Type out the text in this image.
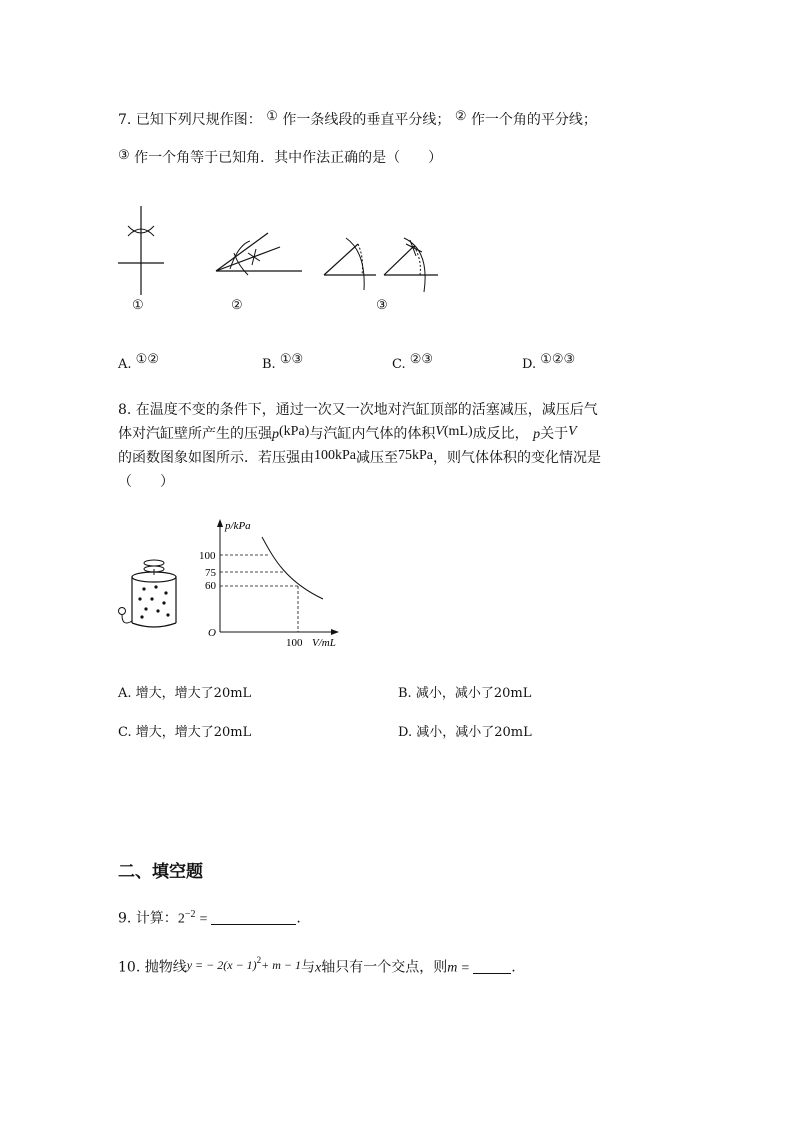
7. 已知下列尺规作图： ① 作一条线段的垂直平分线； ② 作一个角的平分线；
③ 作一个角等于已知角．其中作法正确的是（　　）
①	②	③
A. ①②	B. ①③	C. ②③	D. ①②③
8. 在温度不变的条件下，通过一次又一次地对汽缸顶部的活塞减压，减压后气
体对汽缸壁所产生的压强p(kPa)与汽缸内气体的体积V(mL)成反比， p关于V
的函数图象如图所示．若压强由100kPa减压至75kPa，则气体体积的变化情况是
（　　）
p/kPa
V/mL
O
100
75
60
100
A. 增大，增大了20mL	B. 减小，减小了20mL
C. 增大，增大了20mL	D. 减小，减小了20mL
二、填空题
9. 计算：$2^{-2}$ =	.
10. 抛物线y = − $2(x - 1)^2+ m - 1$与x轴只有一个交点，则m =	.
